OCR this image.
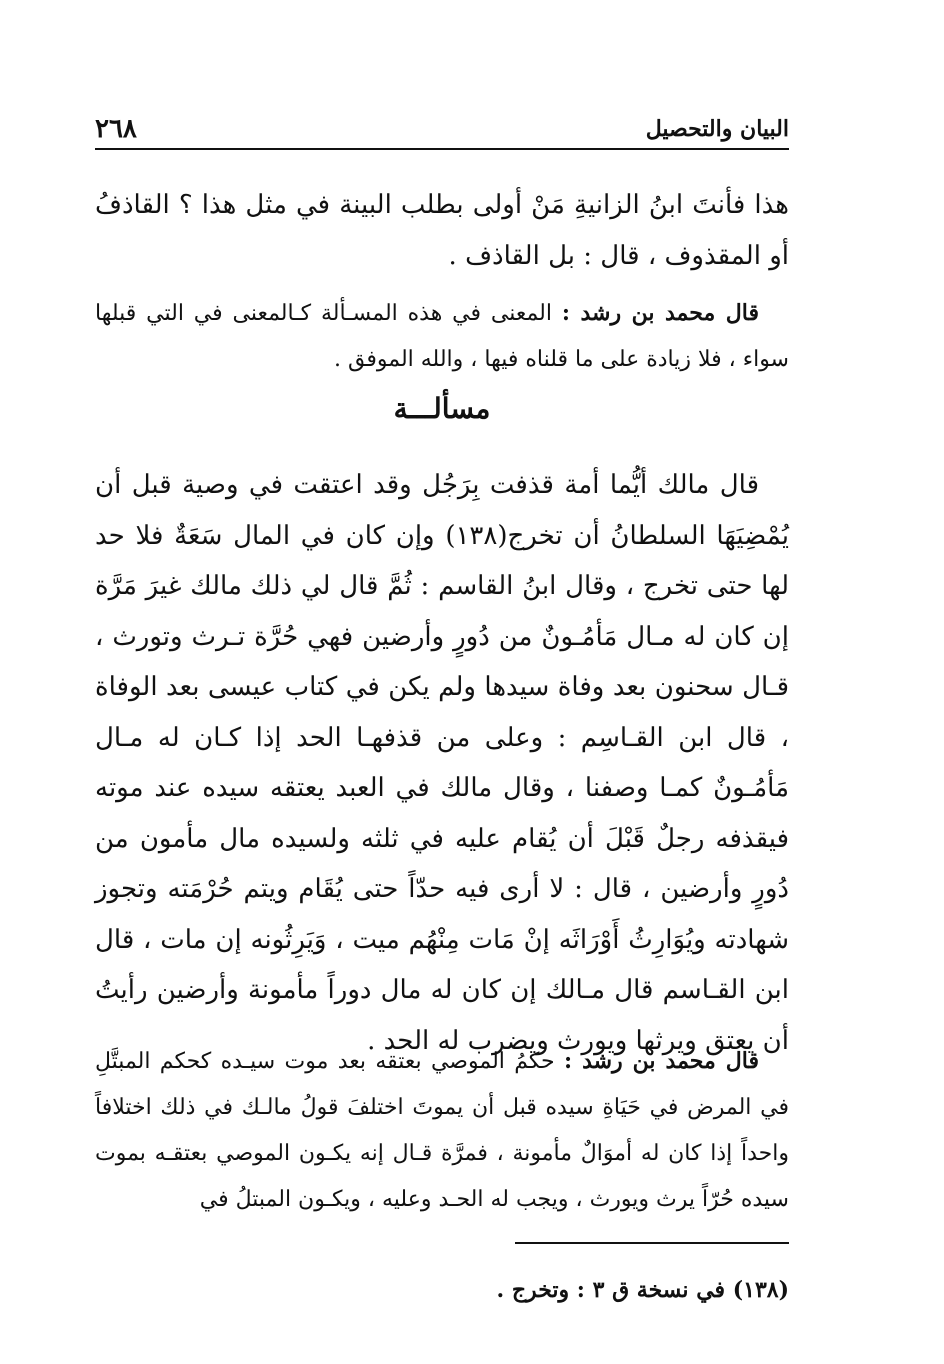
٢٦٨	البيان والتحصيل
هذا فأنتَ ابنُ الزانيةِ مَنْ أولى بطلب البينة في مثل هذا ؟ القاذفُ أو المقذوف ، قال : بل القاذف .
قال محمد بن رشد : المعنى في هذه المسـألة كـالمعنى في التي قبلها سواء ، فلا زيادة على ما قلناه فيها ، والله الموفق .
مسألـــة
قال مالك أيُّما أمة قذفت بِرَجُل وقد اعتقت في وصية قبل أن يُمْضِيَهَا السلطانُ أن تخرج(١٣٨) وإن كان في المال سَعَةٌ فلا حد لها حتى تخرج ، وقال ابنُ القاسم : ثُمَّ قال لي ذلك مالك غيرَ مَرَّة إن كان له مـال مَأمُـونٌ من دُورٍ وأرضين فهي حُرَّة تـرث وتورث ، قـال سحنون بعد وفاة سيدها ولم يكن في كتاب عيسى بعد الوفاة ، قال ابن القـاسِم : وعلى من قذفهـا الحد إذا كـان له مـال مَأمُـونٌ كمـا وصفنا ، وقال مالك في العبد يعتقه سيده عند موته فيقذفه رجلٌ قَبْلَ أن يُقام عليه في ثلثه ولسيده مال مأمون من دُورٍ وأرضين ، قال : لا أرى فيه حدّاً حتى يُقَام ويتم حُرْمَته وتجوز شهادته ويُوَارِثُ أَوْرَاثَه إنْ مَات مِنْهُم ميت ، وَيَرِثُونه إن مات ، قال ابن القـاسم قال مـالك إن كان له مال دوراً مأمونة وأرضين رأيتُ أن يعتق ويرثها ويورث ويضرب له الحد .
قال محمد بن رشد : حكمُ الموصي بعتقه بعد موت سيـده كحكم المبتَّلِ في المرض في حَيَاةِ سيده قبل أن يموتَ اختلفَ قولُ مالـك في ذلك اختلافاً واحداً إذا كان له أموَالٌ مأمونة ، فمرَّة قـال إنه يكـون الموصي بعتقـه بموت سيده حُرّاً يرث ويورث ، ويجب له الحـد وعليه ، ويكـون المبتلُ في
(١٣٨) في نسخة ق ٣ : وتخرج .
